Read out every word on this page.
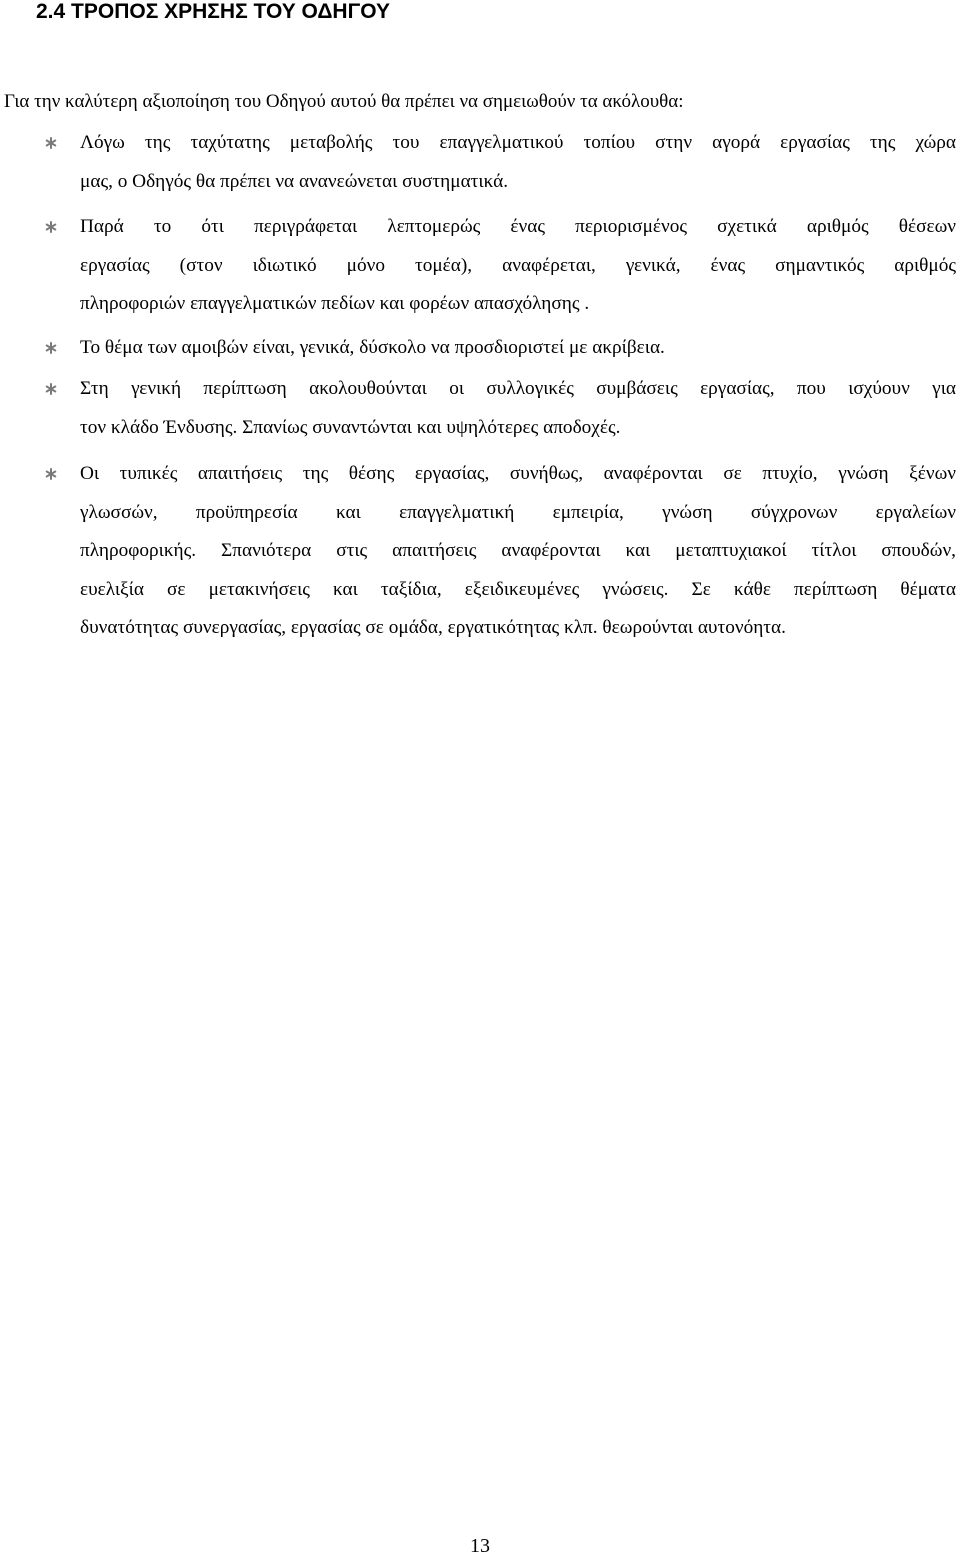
2.4 ΤΡΟΠΟΣ ΧΡΗΣΗΣ ΤΟΥ ΟΔΗΓΟΥ

Για την καλύτερη αξιοποίηση του Οδηγού αυτού θα πρέπει να σημειωθούν τα ακόλουθα:

Λόγω της ταχύτατης μεταβολής του επαγγελματικού τοπίου στην αγορά εργασίας της χώρα
μας, ο Οδηγός θα πρέπει να ανανεώνεται συστηματικά.
Παρά το ότι περιγράφεται λεπτομερώς ένας περιορισμένος σχετικά αριθμός θέσεων
εργασίας (στον ιδιωτικό μόνο τομέα), αναφέρεται, γενικά, ένας σημαντικός αριθμός
πληροφοριών επαγγελματικών πεδίων και φορέων απασχόλησης .
Το θέμα των αμοιβών είναι, γενικά, δύσκολο να προσδιοριστεί με ακρίβεια.
Στη γενική περίπτωση ακολουθούνται οι συλλογικές συμβάσεις εργασίας, που ισχύουν για
τον κλάδο Ένδυσης. Σπανίως συναντώνται και υψηλότερες αποδοχές.
Οι τυπικές απαιτήσεις της θέσης εργασίας, συνήθως, αναφέρονται σε πτυχίο, γνώση ξένων
γλωσσών, προϋπηρεσία και επαγγελματική εμπειρία, γνώση σύγχρονων εργαλείων
πληροφορικής. Σπανιότερα στις απαιτήσεις αναφέρονται και μεταπτυχιακοί τίτλοι σπουδών,
ευελιξία σε μετακινήσεις και ταξίδια, εξειδικευμένες γνώσεις. Σε κάθε περίπτωση θέματα
δυνατότητας συνεργασίας, εργασίας σε ομάδα, εργατικότητας κλπ. θεωρούνται αυτονόητα.

13
